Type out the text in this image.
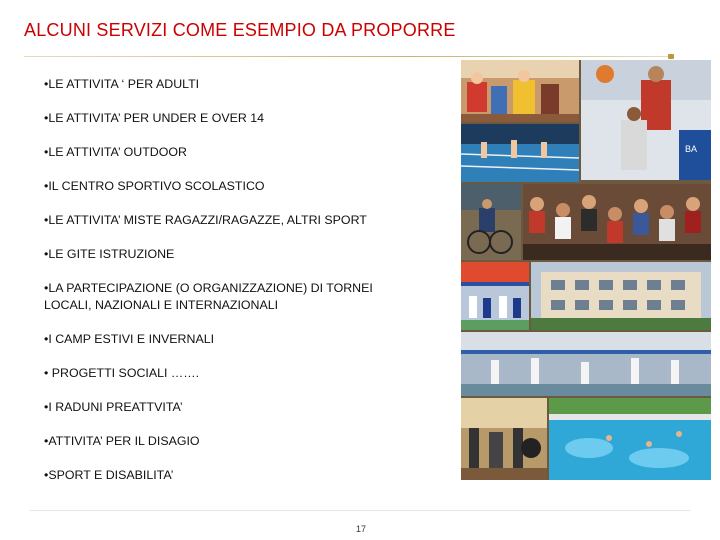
ALCUNI SERVIZI COME ESEMPIO DA PROPORRE
•LE ATTIVITA ‘ PER ADULTI
•LE ATTIVITA’ PER UNDER E OVER 14
•LE ATTIVITA’ OUTDOOR
•IL CENTRO SPORTIVO SCOLASTICO
•LE ATTIVITA’ MISTE RAGAZZI/RAGAZZE, ALTRI SPORT
•LE GITE ISTRUZIONE
•LA PARTECIPAZIONE (O ORGANIZZAZIONE) DI TORNEI
LOCALI, NAZIONALI E INTERNAZIONALI
•I CAMP ESTIVI E INVERNALI
• PROGETTI SOCIALI …….
•I RADUNI PREATTVITA’
•ATTIVITA’ PER IL DISAGIO
•SPORT E DISABILITA’
BA
17
